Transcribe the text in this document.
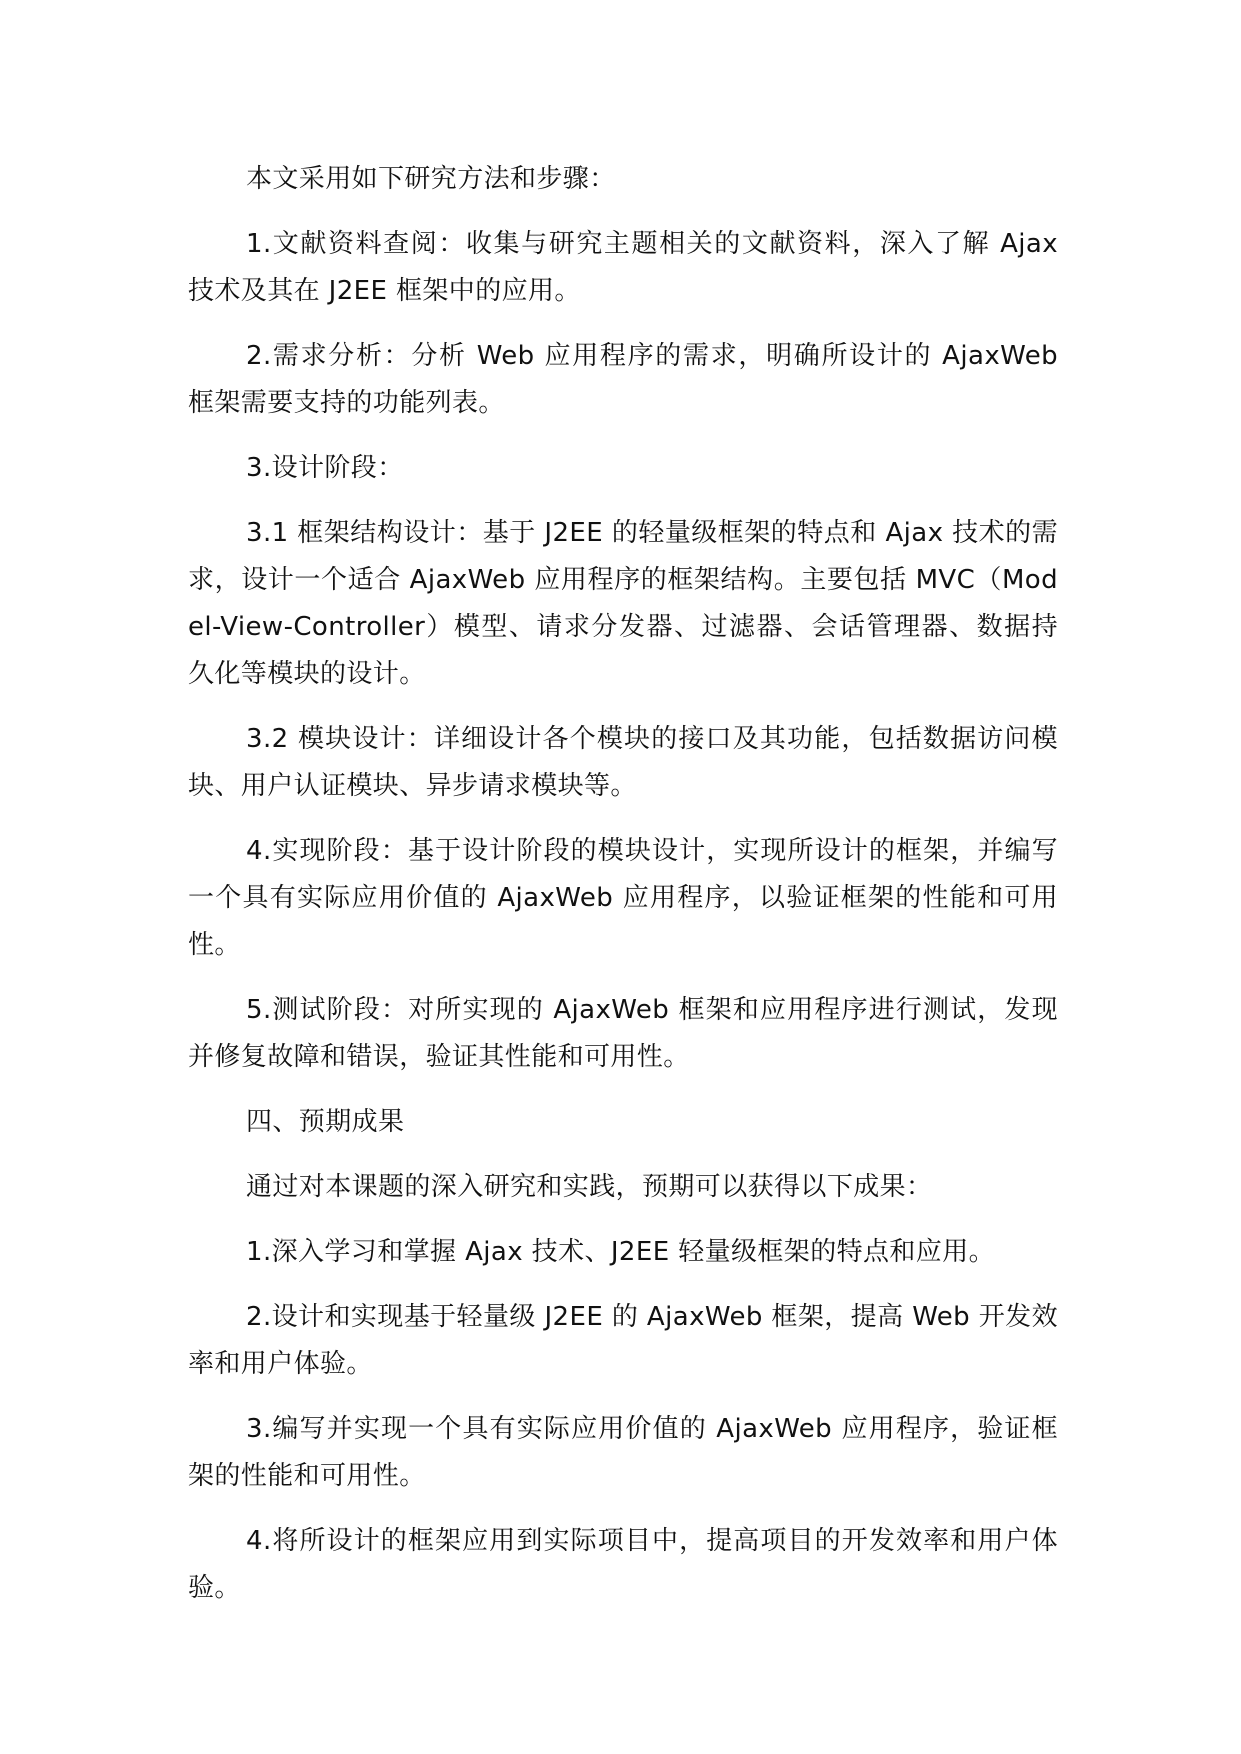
本文采用如下研究方法和步骤：

1.文献资料查阅：收集与研究主题相关的文献资料，深入了解 Ajax 技术及其在 J2EE 框架中的应用。

2.需求分析：分析 Web 应用程序的需求，明确所设计的 AjaxWeb 框架需要支持的功能列表。

3.设计阶段：

3.1 框架结构设计：基于 J2EE 的轻量级框架的特点和 Ajax 技术的需求，设计一个适合 AjaxWeb 应用程序的框架结构。主要包括 MVC（Model-View-Controller）模型、请求分发器、过滤器、会话管理器、数据持久化等模块的设计。

3.2 模块设计：详细设计各个模块的接口及其功能，包括数据访问模块、用户认证模块、异步请求模块等。

4.实现阶段：基于设计阶段的模块设计，实现所设计的框架，并编写一个具有实际应用价值的 AjaxWeb 应用程序，以验证框架的性能和可用性。

5.测试阶段：对所实现的 AjaxWeb 框架和应用程序进行测试，发现并修复故障和错误，验证其性能和可用性。

四、预期成果

通过对本课题的深入研究和实践，预期可以获得以下成果：

1.深入学习和掌握 Ajax 技术、J2EE 轻量级框架的特点和应用。

2.设计和实现基于轻量级 J2EE 的 AjaxWeb 框架，提高 Web 开发效率和用户体验。

3.编写并实现一个具有实际应用价值的 AjaxWeb 应用程序，验证框架的性能和可用性。

4.将所设计的框架应用到实际项目中，提高项目的开发效率和用户体验。
